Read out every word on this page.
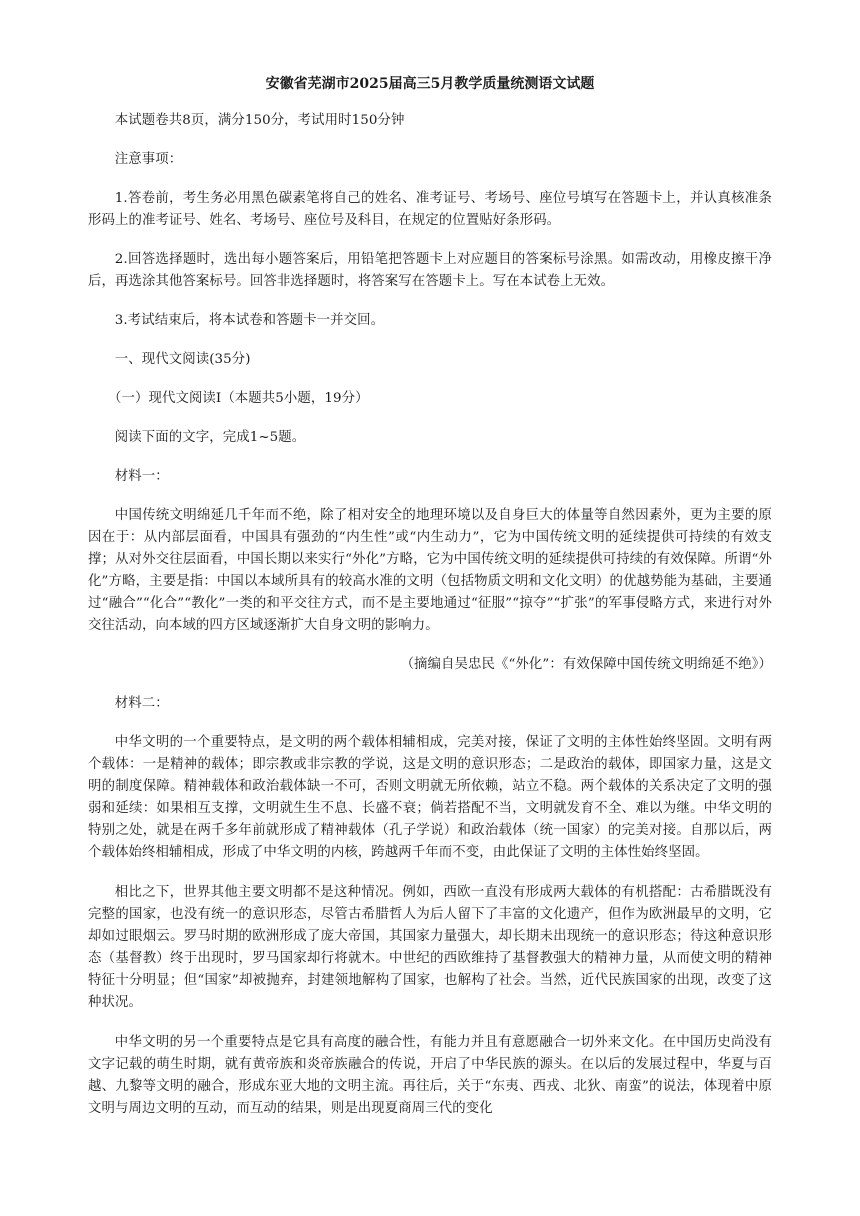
安徽省芜湖市2025届高三5月教学质量统测语文试题
本试题卷共8页，满分150分，考试用时150分钟
注意事项：
1.答卷前，考生务必用黑色碳素笔将自己的姓名、准考证号、考场号、座位号填写在答题卡上，并认真核准条形码上的准考证号、姓名、考场号、座位号及科目，在规定的位置贴好条形码。
2.回答选择题时，选出每小题答案后，用铅笔把答题卡上对应题目的答案标号涂黑。如需改动，用橡皮擦干净后，再选涂其他答案标号。回答非选择题时，将答案写在答题卡上。写在本试卷上无效。
3.考试结束后，将本试卷和答题卡一并交回。
一、现代文阅读(35分)
（一）现代文阅读Ⅰ（本题共5小题，19分）
阅读下面的文字，完成1~5题。
材料一：
中国传统文明绵延几千年而不绝，除了相对安全的地理环境以及自身巨大的体量等自然因素外，更为主要的原因在于：从内部层面看，中国具有强劲的“内生性”或“内生动力”，它为中国传统文明的延续提供可持续的有效支撑；从对外交往层面看，中国长期以来实行“外化”方略，它为中国传统文明的延续提供可持续的有效保障。所谓“外化”方略，主要是指：中国以本域所具有的较高水准的文明（包括物质文明和文化文明）的优越势能为基础，主要通过“融合”“化合”“教化”一类的和平交往方式，而不是主要地通过“征服”“掠夺”“扩张”的军事侵略方式，来进行对外交往活动，向本域的四方区域逐渐扩大自身文明的影响力。
（摘编自吴忠民《“外化”：有效保障中国传统文明绵延不绝》）
材料二：
中华文明的一个重要特点，是文明的两个载体相辅相成，完美对接，保证了文明的主体性始终坚固。文明有两个载体：一是精神的载体；即宗教或非宗教的学说，这是文明的意识形态；二是政治的载体，即国家力量，这是文明的制度保障。精神载体和政治载体缺一不可，否则文明就无所依赖，站立不稳。两个载体的关系决定了文明的强弱和延续：如果相互支撑，文明就生生不息、长盛不衰；倘若搭配不当，文明就发育不全、难以为继。中华文明的特别之处，就是在两千多年前就形成了精神载体（孔子学说）和政治载体（统一国家）的完美对接。自那以后，两个载体始终相辅相成，形成了中华文明的内核，跨越两千年而不变，由此保证了文明的主体性始终坚固。
相比之下，世界其他主要文明都不是这种情况。例如，西欧一直没有形成两大载体的有机搭配：古希腊既没有完整的国家，也没有统一的意识形态，尽管古希腊哲人为后人留下了丰富的文化遗产，但作为欧洲最早的文明，它却如过眼烟云。罗马时期的欧洲形成了庞大帝国，其国家力量强大，却长期未出现统一的意识形态；待这种意识形态（基督教）终于出现时，罗马国家却行将就木。中世纪的西欧维持了基督教强大的精神力量，从而使文明的精神特征十分明显；但“国家”却被抛弃，封建领地解构了国家，也解构了社会。当然，近代民族国家的出现，改变了这种状况。
中华文明的另一个重要特点是它具有高度的融合性，有能力并且有意愿融合一切外来文化。在中国历史尚没有文字记载的萌生时期，就有黄帝族和炎帝族融合的传说，开启了中华民族的源头。在以后的发展过程中，华夏与百越、九黎等文明的融合，形成东亚大地的文明主流。再往后，关于“东夷、西戎、北狄、南蛮”的说法，体现着中原文明与周边文明的互动，而互动的结果，则是出现夏商周三代的变化
